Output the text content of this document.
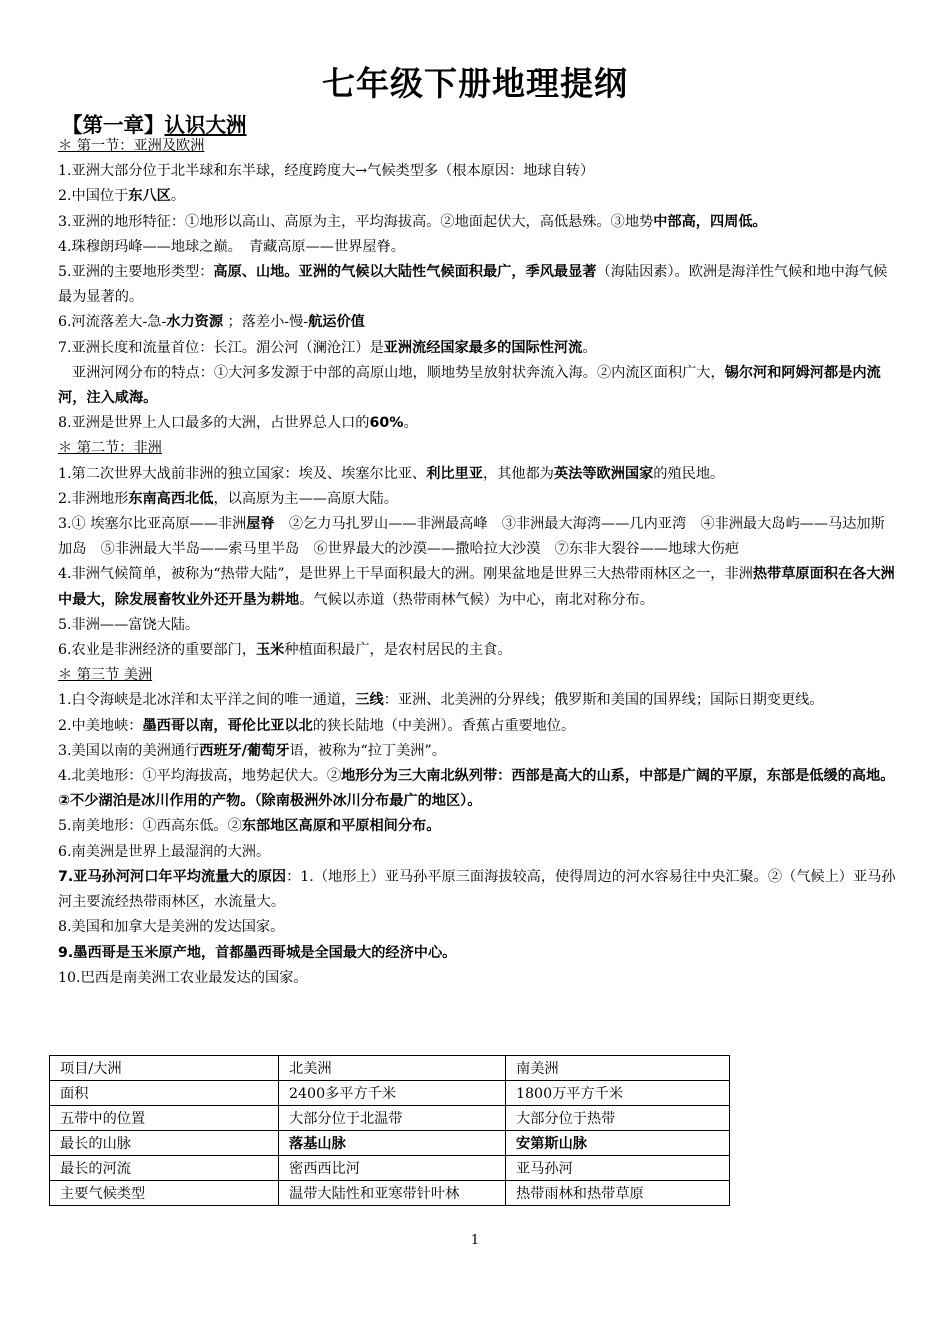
七年级下册地理提纲
【第一章】认识大洲

＊ 第一节：亚洲及欧洲

1.亚洲大部分位于北半球和东半球，经度跨度大→气候类型多（根本原因：地球自转）

2.中国位于东八区。

3.亚洲的地形特征：①地形以高山、高原为主，平均海拔高。②地面起伏大，高低悬殊。③地势中部高，四周低。

4.珠穆朗玛峰——地球之巅。　青藏高原——世界屋脊。

5.亚洲的主要地形类型：高原、山地。亚洲的气候以大陆性气候面积最广，季风最显著（海陆因素）。欧洲是海洋性气候和地中海气候最为显著的。

6.河流落差大-急-水力资源 ；落差小-慢-航运价值

7.亚洲长度和流量首位：长江。湄公河（澜沧江）是亚洲流经国家最多的国际性河流。

亚洲河网分布的特点：①大河多发源于中部的高原山地，顺地势呈放射状奔流入海。②内流区面积广大，锡尔河和阿姆河都是内流河，注入咸海。

8.亚洲是世界上人口最多的大洲，占世界总人口的60%。

＊ 第二节：非洲

1.第二次世界大战前非洲的独立国家：埃及、埃塞尔比亚、利比里亚，其他都为英法等欧洲国家的殖民地。

2.非洲地形东南高西北低，以高原为主——高原大陆。

3.① 埃塞尔比亚高原——非洲屋脊　②乞力马扎罗山——非洲最高峰　③非洲最大海湾——几内亚湾　④非洲最大岛屿——马达加斯加岛　⑤非洲最大半岛——索马里半岛　⑥世界最大的沙漠——撒哈拉大沙漠　⑦东非大裂谷——地球大伤疤

4.非洲气候简单，被称为“热带大陆”，是世界上干旱面积最大的洲。刚果盆地是世界三大热带雨林区之一，非洲热带草原面积在各大洲中最大，除发展畜牧业外还开垦为耕地。气候以赤道（热带雨林气候）为中心，南北对称分布。

5.非洲——富饶大陆。

6.农业是非洲经济的重要部门，玉米种植面积最广，是农村居民的主食。

＊ 第三节 美洲

1.白令海峡是北冰洋和太平洋之间的唯一通道，三线：亚洲、北美洲的分界线；俄罗斯和美国的国界线；国际日期变更线。

2.中美地峡：墨西哥以南，哥伦比亚以北的狭长陆地（中美洲）。香蕉占重要地位。

3.美国以南的美洲通行西班牙/葡萄牙语，被称为“拉丁美洲”。

4.北美地形：①平均海拔高，地势起伏大。②地形分为三大南北纵列带：西部是高大的山系，中部是广阔的平原，东部是低缓的高地。②不少湖泊是冰川作用的产物。（除南极洲外冰川分布最广的地区）。

5.南美地形：①西高东低。②东部地区高原和平原相间分布。

6.南美洲是世界上最湿润的大洲。

7.亚马孙河河口年平均流量大的原因：1.（地形上）亚马孙平原三面海拔较高，使得周边的河水容易往中央汇聚。②（气候上）亚马孙河主要流经热带雨林区，水流量大。

8.美国和加拿大是美洲的发达国家。

9.墨西哥是玉米原产地，首都墨西哥城是全国最大的经济中心。

10.巴西是南美洲工农业最发达的国家。

项目/大洲	北美洲	南美洲
面积	2400多平方千米	1800万平方千米
五带中的位置	大部分位于北温带	大部分位于热带
最长的山脉	落基山脉	安第斯山脉
最长的河流	密西西比河	亚马孙河
主要气候类型	温带大陆性和亚寒带针叶林	热带雨林和热带草原
1
